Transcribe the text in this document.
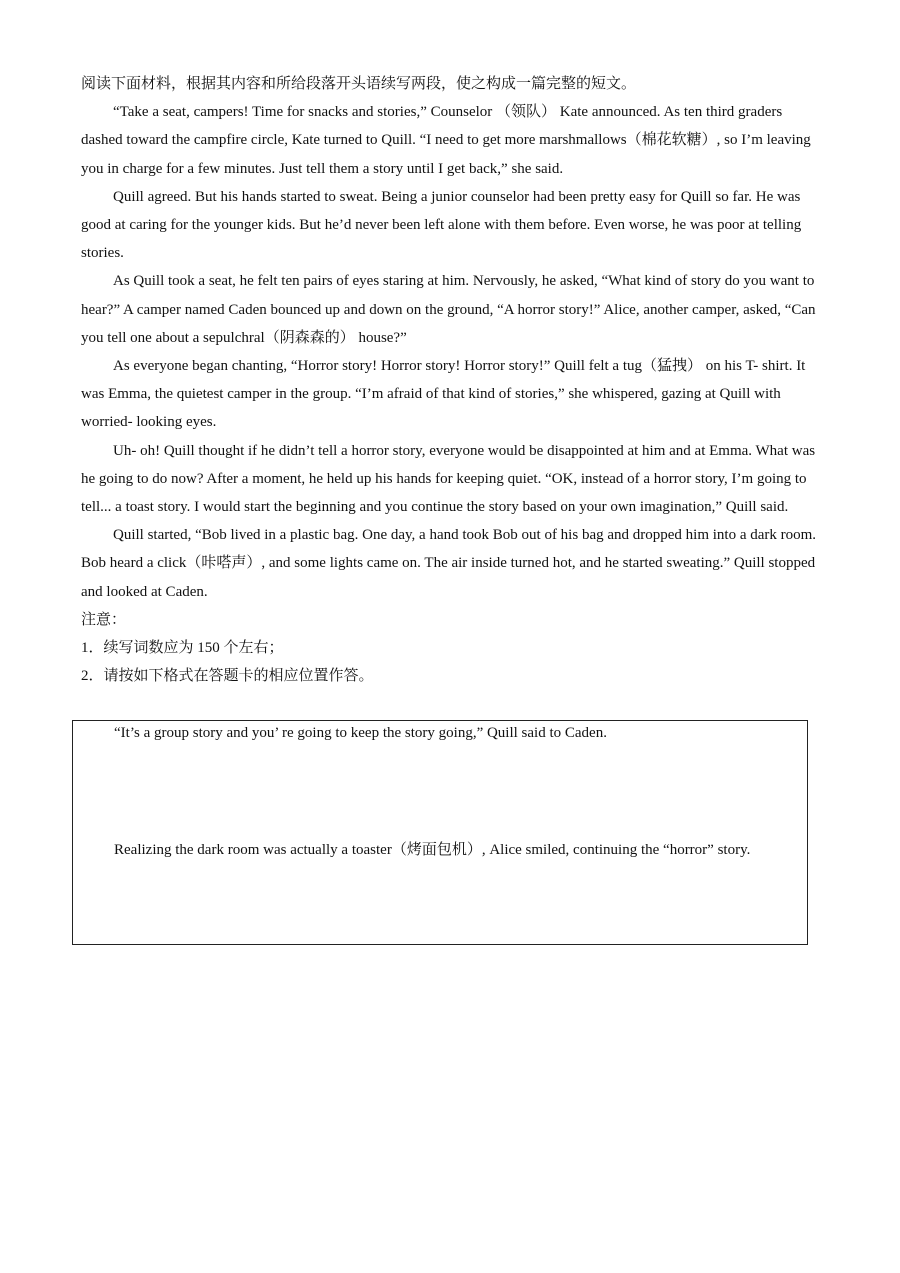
阅读下面材料，根据其内容和所给段落开头语续写两段，使之构成一篇完整的短文。

“Take a seat, campers! Time for snacks and stories,” Counselor （领队） Kate announced. As ten third graders dashed toward the campfire circle, Kate turned to Quill. “I need to get more marshmallows（棉花软糖）, so I’m leaving you in charge for a few minutes. Just tell them a story until I get back,” she said.

Quill agreed. But his hands started to sweat. Being a junior counselor had been pretty easy for Quill so far. He was good at caring for the younger kids. But he’d never been left alone with them before. Even worse, he was poor at telling stories.

As Quill took a seat, he felt ten pairs of eyes staring at him. Nervously, he asked, “What kind of story do you want to hear?” A camper named Caden bounced up and down on the ground, “A horror story!” Alice, another camper, asked, “Can you tell one about a sepulchral（阴森森的） house?”

As everyone began chanting, “Horror story! Horror story! Horror story!” Quill felt a tug（猛拽） on his T- shirt. It was Emma, the quietest camper in the group. “I’m afraid of that kind of stories,” she whispered, gazing at Quill with worried- looking eyes.

Uh- oh! Quill thought if he didn’t tell a horror story, everyone would be disappointed at him and at Emma. What was he going to do now? After a moment, he held up his hands for keeping quiet. “OK, instead of a horror story, I’m going to tell... a toast story. I would start the beginning and you continue the story based on your own imagination,” Quill said.

Quill started, “Bob lived in a plastic bag. One day, a hand took Bob out of his bag and dropped him into a dark room. Bob heard a click（咔嗒声）, and some lights came on. The air inside turned hot, and he started sweating.” Quill stopped and looked at Caden.

注意：

1．续写词数应为 150 个左右；

2．请按如下格式在答题卡的相应位置作答。

“It’s a group story and you’ re going to keep the story going,” Quill said to Caden.
Realizing the dark room was actually a toaster（烤面包机）, Alice smiled, continuing the “horror” story.
